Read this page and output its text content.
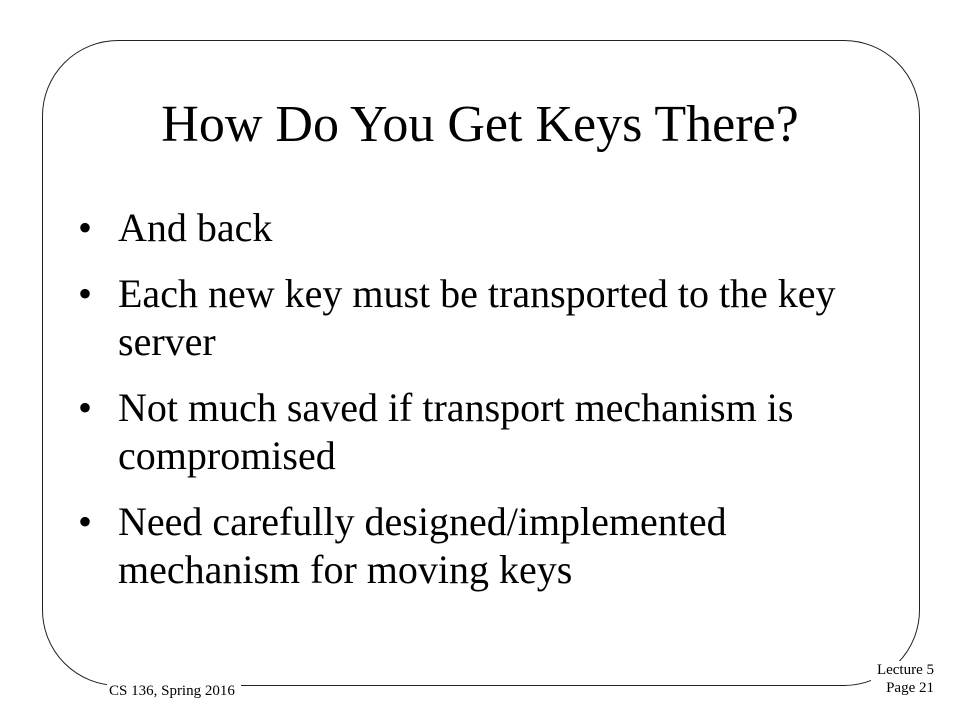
How Do You Get Keys There?
• And back
• Each new key must be transported to the key server
• Not much saved if transport mechanism is compromised
• Need carefully designed/implemented mechanism for moving keys
CS 136, Spring 2016
Lecture 5
Page 21
